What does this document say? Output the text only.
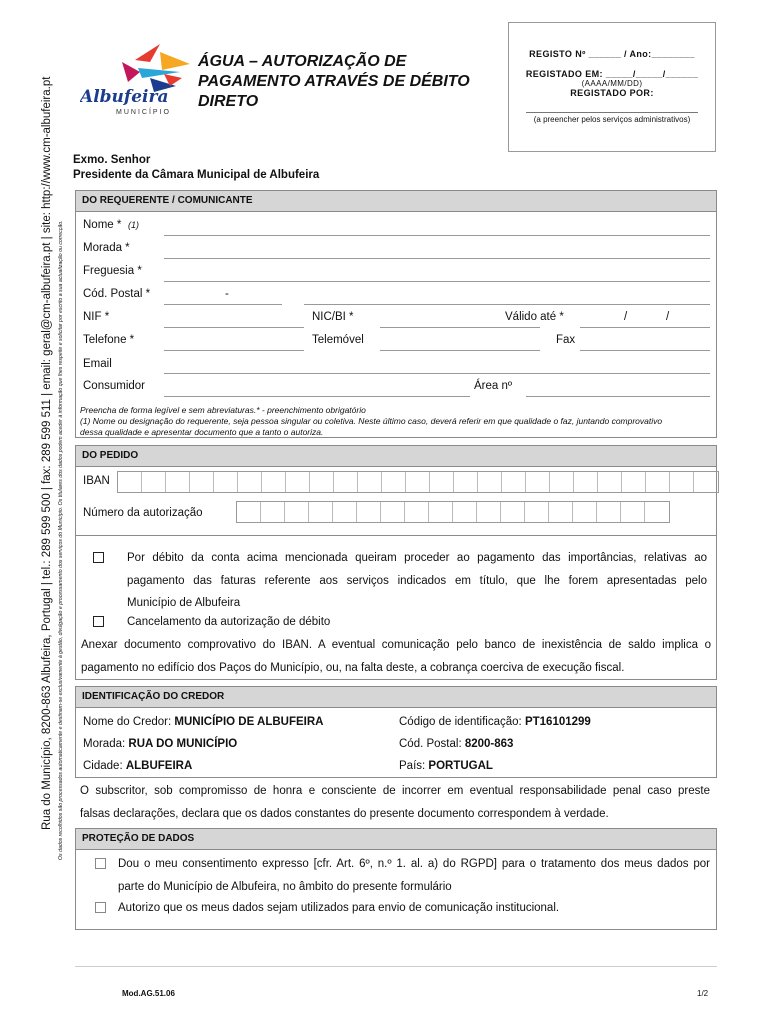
Rua do Município, 8200-863 Albufeira, Portugal | tel.: 289 599 500 | fax: 289 599 511 | email: geral@cm-albufeira.pt | site: http://www.cm-albufeira.pt Os dados recolhidos são processados automaticamente e destinam-se exclusivamente à gestão, divulgação e processamento dos serviços do Município. Os titulares dos dados podem aceder à informação que lhes respeite e solicitar por escrito a sua actualização ou correcção.
Albufeira
MUNICÍPIO
ÁGUA – AUTORIZAÇÃO DE
PAGAMENTO ATRAVÉS DE DÉBITO
DIRETO
REGISTO Nº ______ / Ano:________
REGISTADO EM: _____/_____/______
(AAAA/MM/DD)
REGISTADO POR:
(a preencher pelos serviços administrativos)
Exmo. Senhor
Presidente da Câmara Municipal de Albufeira
DO REQUERENTE / COMUNICANTE
Nome * (1)
Morada *
Freguesia *
Cód. Postal *	-
NIF *	NIC/BI *	Válido até *	/	/
Telefone *	Telemóvel	Fax
Email
Consumidor	Área nº
Preencha de forma legível e sem abreviaturas.* - preenchimento obrigatório
(1) Nome ou designação do requerente, seja pessoa singular ou coletiva. Neste último caso, deverá referir em que qualidade o faz, juntando comprovativo
dessa qualidade e apresentar documento que a tanto o autoriza.
DO PEDIDO
IBAN
Número da autorização
Por débito da conta acima mencionada queiram proceder ao pagamento das importâncias, relativas ao
pagamento das faturas referente aos serviços indicados em título, que lhe forem apresentadas pelo
Município de Albufeira
Cancelamento da autorização de débito
Anexar documento comprovativo do IBAN. A eventual comunicação pelo banco de inexistência de saldo implica o
pagamento no edifício dos Paços do Município, ou, na falta deste, a cobrança coerciva de execução fiscal.
IDENTIFICAÇÃO DO CREDOR
Nome do Credor: MUNICÍPIO DE ALBUFEIRA	Código de identificação: PT16101299
Morada: RUA DO MUNICÍPIO	Cód. Postal: 8200-863
Cidade: ALBUFEIRA	País: PORTUGAL
O subscritor, sob compromisso de honra e consciente de incorrer em eventual responsabilidade penal caso preste
falsas declarações, declara que os dados constantes do presente documento correspondem à verdade.
PROTEÇÃO DE DADOS
Dou o meu consentimento expresso [cfr. Art. 6º, n.º 1. al. a) do RGPD] para o tratamento dos meus dados por
parte do Município de Albufeira, no âmbito do presente formulário
Autorizo que os meus dados sejam utilizados para envio de comunicação institucional.
Mod.AG.51.06	1/2
